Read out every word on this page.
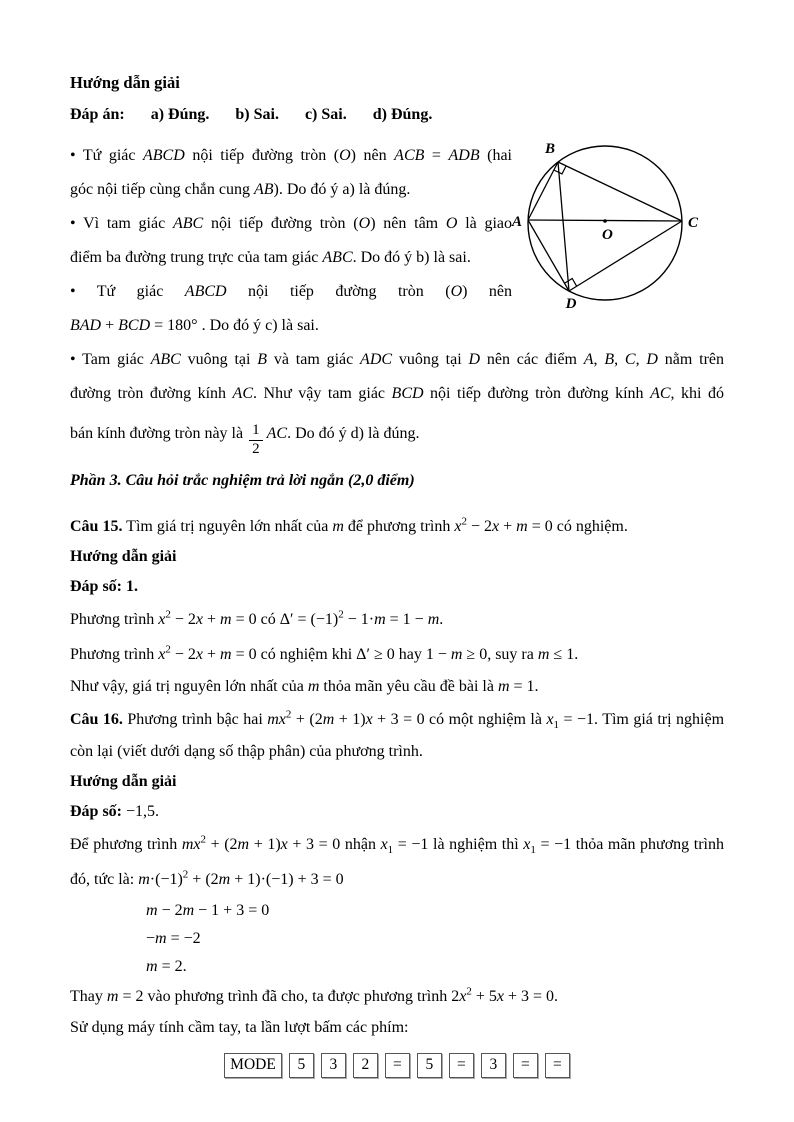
Hướng dẫn giải

Đáp án: a) Đúng. b) Sai. c) Sai. d) Đúng.
A
B
C
D
O
• Tứ giác ABCD nội tiếp đường tròn (O) nên ACB = ADB (hai
góc nội tiếp cùng chắn cung AB). Do đó ý a) là đúng.
• Vì tam giác ABC nội tiếp đường tròn (O) nên tâm O là giao
điểm ba đường trung trực của tam giác ABC. Do đó ý b) là sai.
• Tứ giác ABCD nội tiếp đường tròn (O) nên
BAD + BCD = 180° . Do đó ý c) là sai.
• Tam giác ABC vuông tại B và tam giác ADC vuông tại D nên các điểm A, B, C, D nằm trên
đường tròn đường kính AC. Như vậy tam giác BCD nội tiếp đường tròn đường kính AC, khi đó
bán kính đường tròn này là $\frac{1}{2}$ AC. Do đó ý d) là đúng.

Phần 3. Câu hỏi trắc nghiệm trả lời ngắn (2,0 điểm)

Câu 15. Tìm giá trị nguyên lớn nhất của m để phương trình $x^2 - 2x + m = 0$ có nghiệm.
Hướng dẫn giải
Đáp số: 1.
Phương trình $x^2 - 2x + m = 0$ có $\Delta' = (-1)^2 - 1\cdot m = 1 - m$.
Phương trình $x^2 - 2x + m = 0$ có nghiệm khi Δ′ ≥ 0 hay 1 − m ≥ 0, suy ra m ≤ 1.
Như vậy, giá trị nguyên lớn nhất của m thỏa mãn yêu cầu đề bài là m = 1.
Câu 16. Phương trình bậc hai $mx^2 + (2m + 1)x + 3 = 0$ có một nghiệm là $x_1 = -1$. Tìm giá trị nghiệm
còn lại (viết dưới dạng số thập phân) của phương trình.
Hướng dẫn giải
Đáp số: −1,5.
Để phương trình $mx^2 + (2m + 1)x + 3 = 0$ nhận $x_1 = -1$ là nghiệm thì $x_1 = -1$ thỏa mãn phương trình
đó, tức là: $m\cdot(-1)^2 + (2m + 1)\cdot(-1) + 3 = 0$
m − 2m − 1 + 3 = 0
−m = −2
m = 2.
Thay m = 2 vào phương trình đã cho, ta được phương trình $2x^2 + 5x + 3 = 0$.
Sử dụng máy tính cầm tay, ta lần lượt bấm các phím:
MODE	5	3	2	=	5	=	3	=	=
